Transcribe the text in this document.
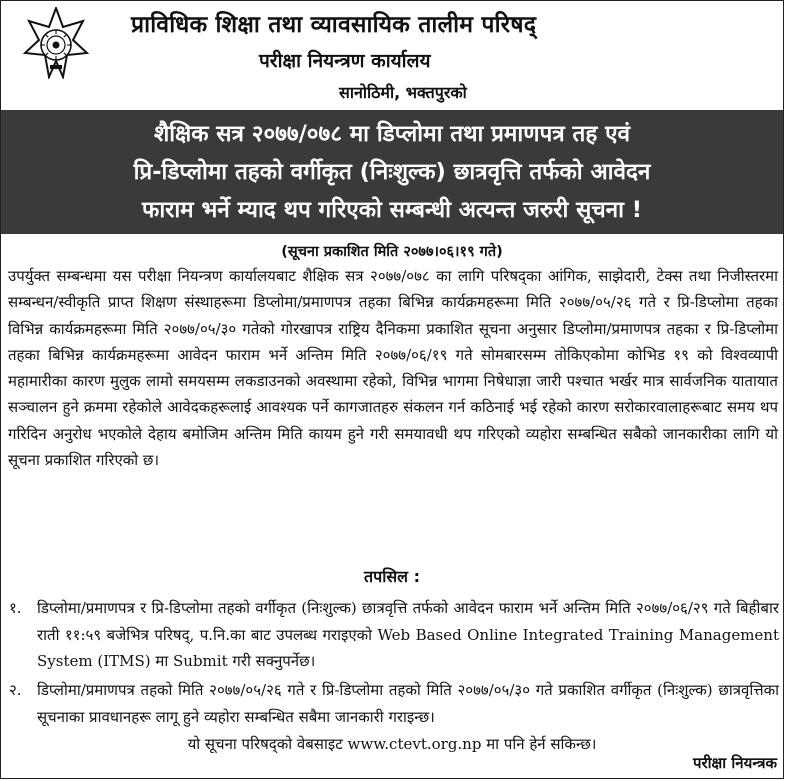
प्राविधिक शिक्षा तथा व्यावसायिक तालीम परिषद्
परीक्षा नियन्त्रण कार्यालय
सानोठिमी, भक्तपुरको
शैक्षिक सत्र २०७७/०७८ मा डिप्लोमा तथा प्रमाणपत्र तह एवं
प्रि-डिप्लोमा तहको वर्गीकृत (निःशुल्क) छात्रवृत्ति तर्फको आवेदन
फाराम भर्ने म्याद थप गरिएको सम्बन्धी अत्यन्त जरुरी सूचना !
(सूचना प्रकाशित मिति २०७७।०६।१९ गते)
उपर्युक्त सम्बन्धमा यस परीक्षा नियन्त्रण कार्यालयबाट शैक्षिक सत्र २०७७/०७८ का लागि परिषद्का आंगिक, साझेदारी, टेक्स तथा निजीस्तरमा सम्बन्धन/स्वीकृति प्राप्त शिक्षण संस्थाहरूमा डिप्लोमा/प्रमाणपत्र तहका बिभिन्न कार्यक्रमहरूमा मिति २०७७/०५/२६ गते र प्रि-डिप्लोमा तहका विभिन्न कार्यक्रमहरूमा मिति २०७७/०५/३० गतेको गोरखापत्र राष्ट्रिय दैनिकमा प्रकाशित सूचना अनुसार डिप्लोमा/प्रमाणपत्र तहका र प्रि-डिप्लोमा तहका बिभिन्न कार्यक्रमहरूमा आवेदन फाराम भर्ने अन्तिम मिति २०७७/०६/१९ गते सोमबारसम्म तोकिएकोमा कोभिड १९ को विश्वव्यापी महामारीका कारण मुलुक लामो समयसम्म लकडाउनको अवस्थामा रहेको, विभिन्न भागमा निषेधाज्ञा जारी पश्चात भर्खर मात्र सार्वजनिक यातायात सञ्चालन हुने क्रममा रहेकोले आवेदकहरूलाई आवश्यक पर्ने कागजातहरु संकलन गर्न कठिनाई भई रहेको कारण सरोकारवालाहरूबाट समय थप गरिदिन अनुरोध भएकोले देहाय बमोजिम अन्तिम मिति कायम हुने गरी समयावधी थप गरिएको व्यहोरा सम्बन्धित सबैको जानकारीका लागि यो सूचना प्रकाशित गरिएको छ।
तपसिल :
१.	डिप्लोमा/प्रमाणपत्र र प्रि-डिप्लोमा तहको वर्गीकृत (निःशुल्क) छात्रवृत्ति तर्फको आवेदन फाराम भर्ने अन्तिम मिति २०७७/०६/२९ गते बिहीबार राती ११:५९ बजेभित्र परिषद्, प.नि.का बाट उपलब्ध गराइएको Web Based Online Integrated Training Management System (ITMS) मा Submit गरी सक्नुपर्नेछ।
२.	डिप्लोमा/प्रमाणपत्र तहको मिति २०७७/०५/२६ गते र प्रि-डिप्लोमा तहको मिति २०७७/०५/३० गते प्रकाशित वर्गीकृत (निःशुल्क) छात्रवृत्तिका सूचनाका प्रावधानहरू लागू हुने व्यहोरा सम्बन्धित सबैमा जानकारी गराइन्छ।
यो सूचना परिषद्को वेबसाइट www.ctevt.org.np मा पनि हेर्न सकिन्छ।
परीक्षा नियन्त्रक
